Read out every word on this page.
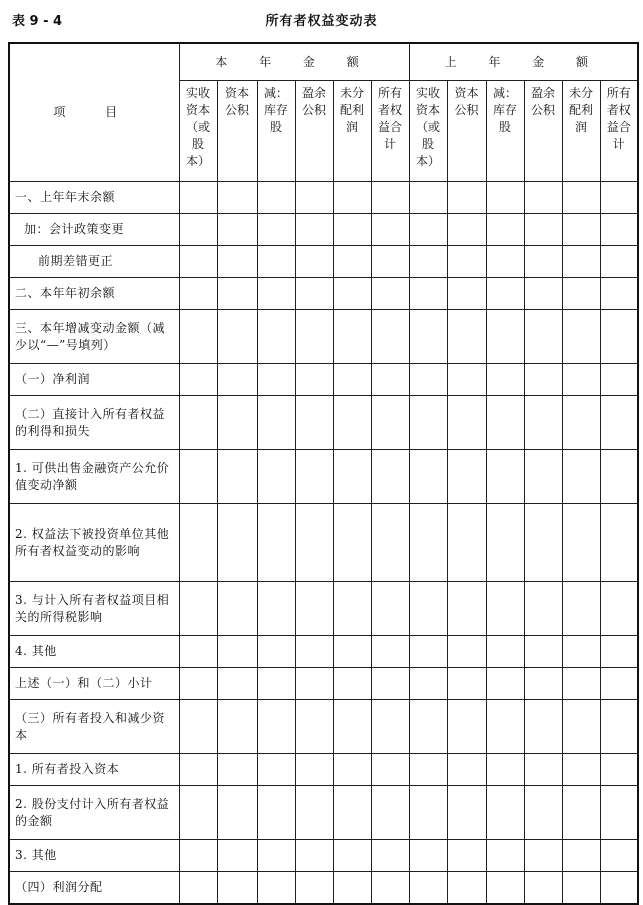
表 9 - 4	所有者权益变动表
项 目	本 年 金 额						上 年 金 额					

	实收资本（或股本）	资本公积	减：库存股	盈余公积	未分配利润	所有者权益合计	实收资本（或股本）	资本公积	减：库存股	盈余公积	未分配利润	所有者权益合计

一、上年年末余额												
加：会计政策变更												
前期差错更正												
二、本年年初余额												
三、本年增减变动金额（减少以“—”号填列）												
（一）净利润												
（二）直接计入所有者权益的利得和损失												
1. 可供出售金融资产公允价值变动净额												
2. 权益法下被投资单位其他所有者权益变动的影响												
3. 与计入所有者权益项目相关的所得税影响												
4. 其他												
上述（一）和（二）小计												
（三）所有者投入和减少资本												
1. 所有者投入资本												
2. 股份支付计入所有者权益的金额												
3. 其他												
（四）利润分配												
